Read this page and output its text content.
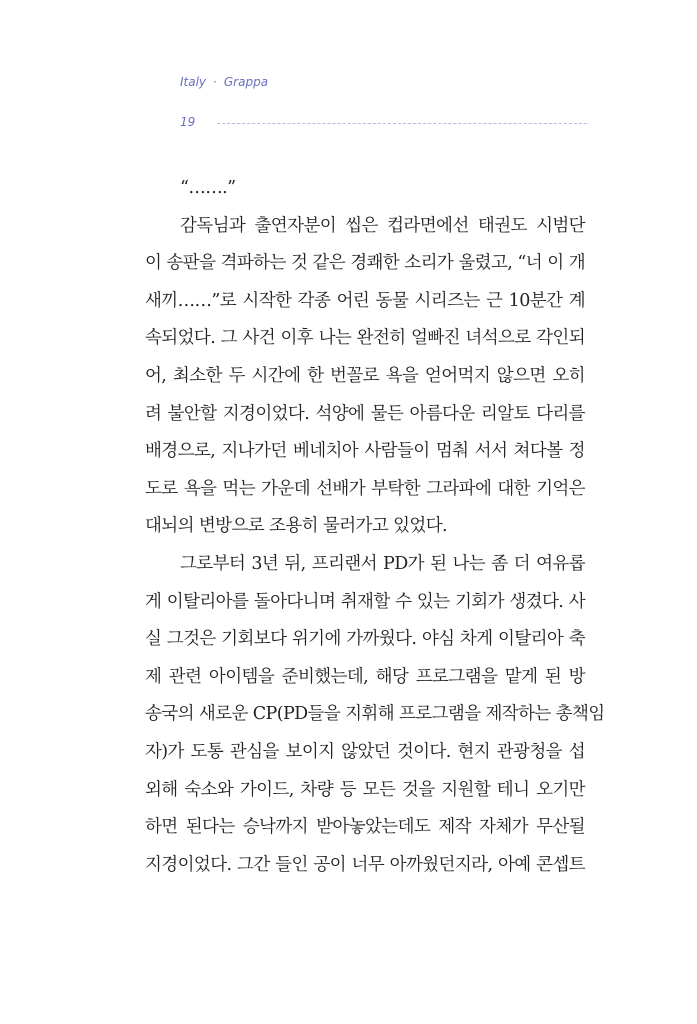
Italy · Grappa
19
“…….”
감독님과 출연자분이 씹은 컵라면에선 태권도 시범단
이 송판을 격파하는 것 같은 경쾌한 소리가 울렸고, “너 이 개
새끼……”로 시작한 각종 어린 동물 시리즈는 근 10분간 계
속되었다. 그 사건 이후 나는 완전히 얼빠진 녀석으로 각인되
어, 최소한 두 시간에 한 번꼴로 욕을 얻어먹지 않으면 오히
려 불안할 지경이었다. 석양에 물든 아름다운 리알토 다리를
배경으로, 지나가던 베네치아 사람들이 멈춰 서서 쳐다볼 정
도로 욕을 먹는 가운데 선배가 부탁한 그라파에 대한 기억은
대뇌의 변방으로 조용히 물러가고 있었다.
그로부터 3년 뒤, 프리랜서 PD가 된 나는 좀 더 여유롭
게 이탈리아를 돌아다니며 취재할 수 있는 기회가 생겼다. 사
실 그것은 기회보다 위기에 가까웠다. 야심 차게 이탈리아 축
제 관련 아이템을 준비했는데, 해당 프로그램을 맡게 된 방
송국의 새로운 CP(PD들을 지휘해 프로그램을 제작하는 총책임
자)가 도통 관심을 보이지 않았던 것이다. 현지 관광청을 섭
외해 숙소와 가이드, 차량 등 모든 것을 지원할 테니 오기만
하면 된다는 승낙까지 받아놓았는데도 제작 자체가 무산될
지경이었다. 그간 들인 공이 너무 아까웠던지라, 아예 콘셉트
